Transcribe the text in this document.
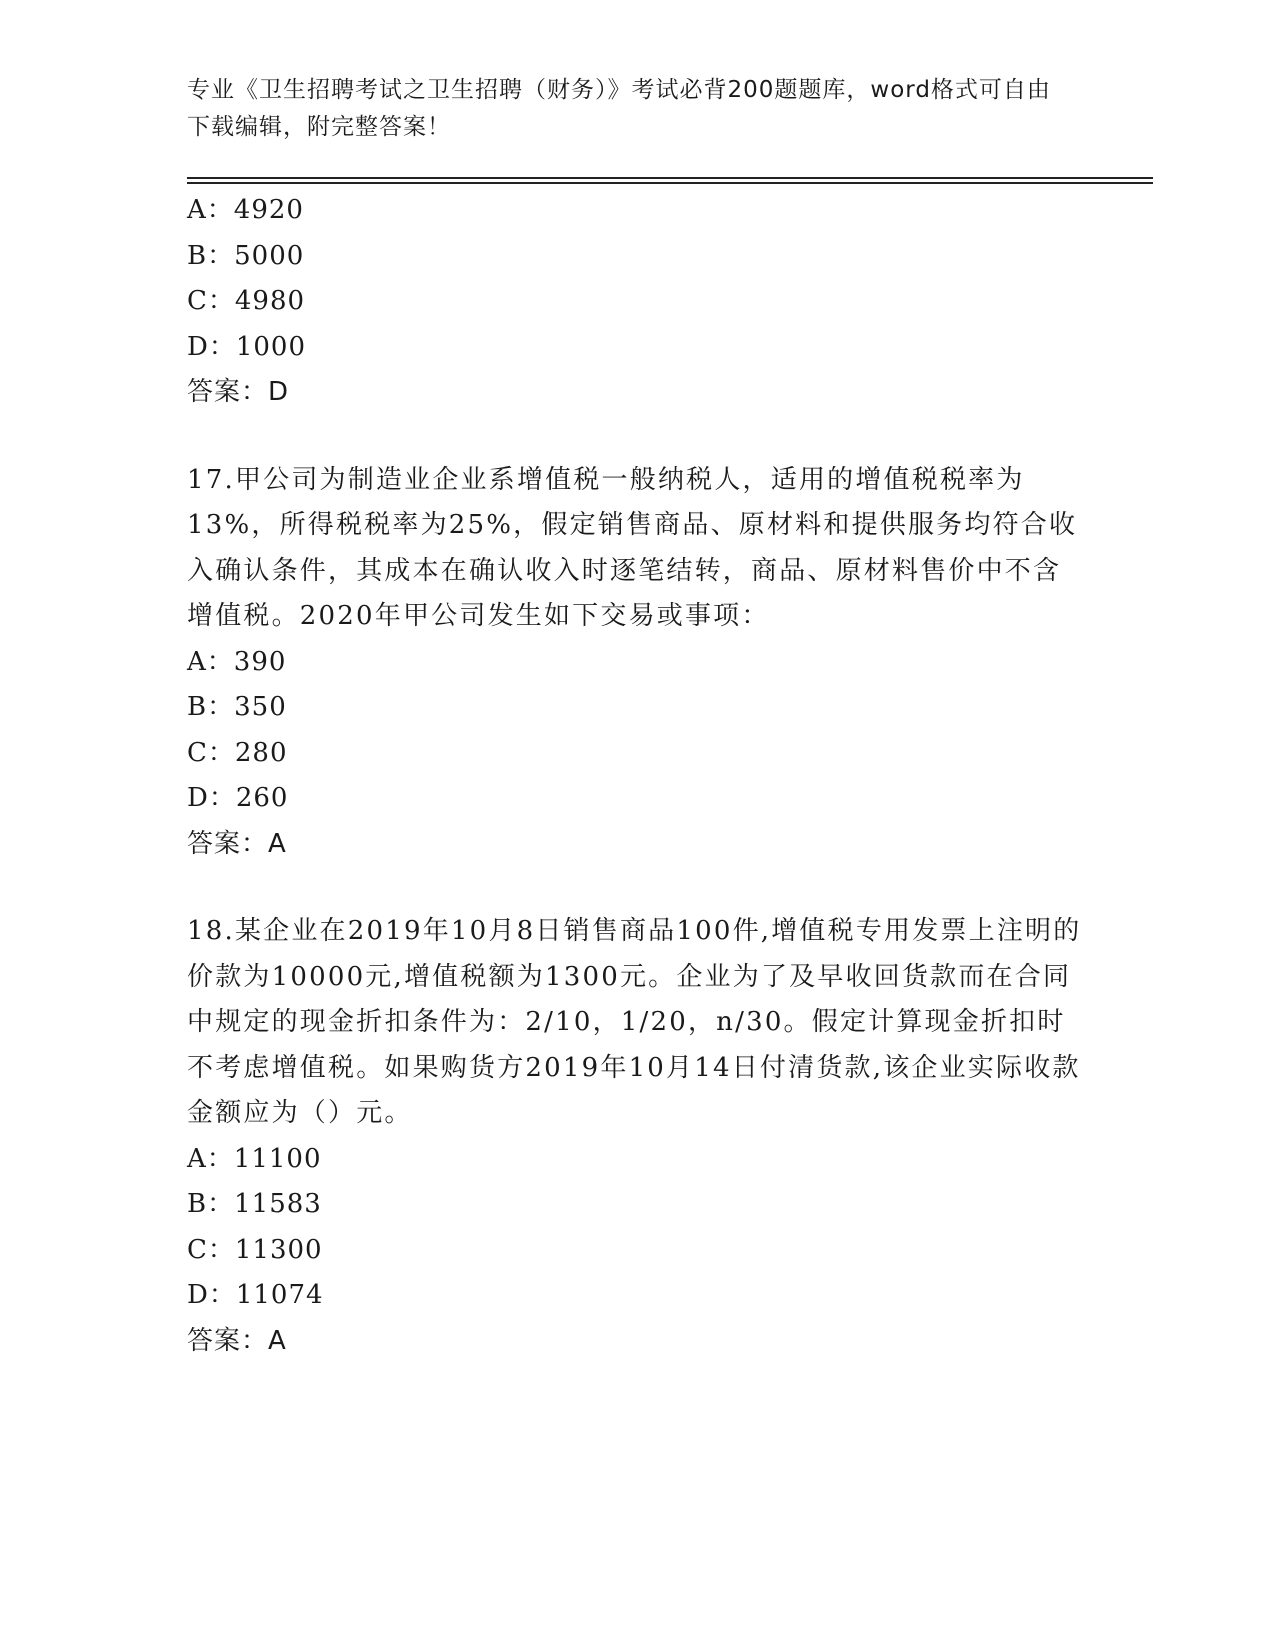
专业《卫生招聘考试之卫生招聘（财务）》考试必背200题题库，word格式可自由下载编辑，附完整答案！
A：4920
B：5000
C：4980
D：1000
答案：D
17.甲公司为制造业企业系增值税一般纳税人，适用的增值税税率为13%，所得税税率为25%，假定销售商品、原材料和提供服务均符合收入确认条件，其成本在确认收入时逐笔结转，商品、原材料售价中不含增值税。2020年甲公司发生如下交易或事项：
A：390
B：350
C：280
D：260
答案：A
18.某企业在2019年10月8日销售商品100件,增值税专用发票上注明的价款为10000元,增值税额为1300元。企业为了及早收回货款而在合同中规定的现金折扣条件为：2/10，1/20，n/30。假定计算现金折扣时不考虑增值税。如果购货方2019年10月14日付清货款,该企业实际收款金额应为（）元。
A：11100
B：11583
C：11300
D：11074
答案：A
